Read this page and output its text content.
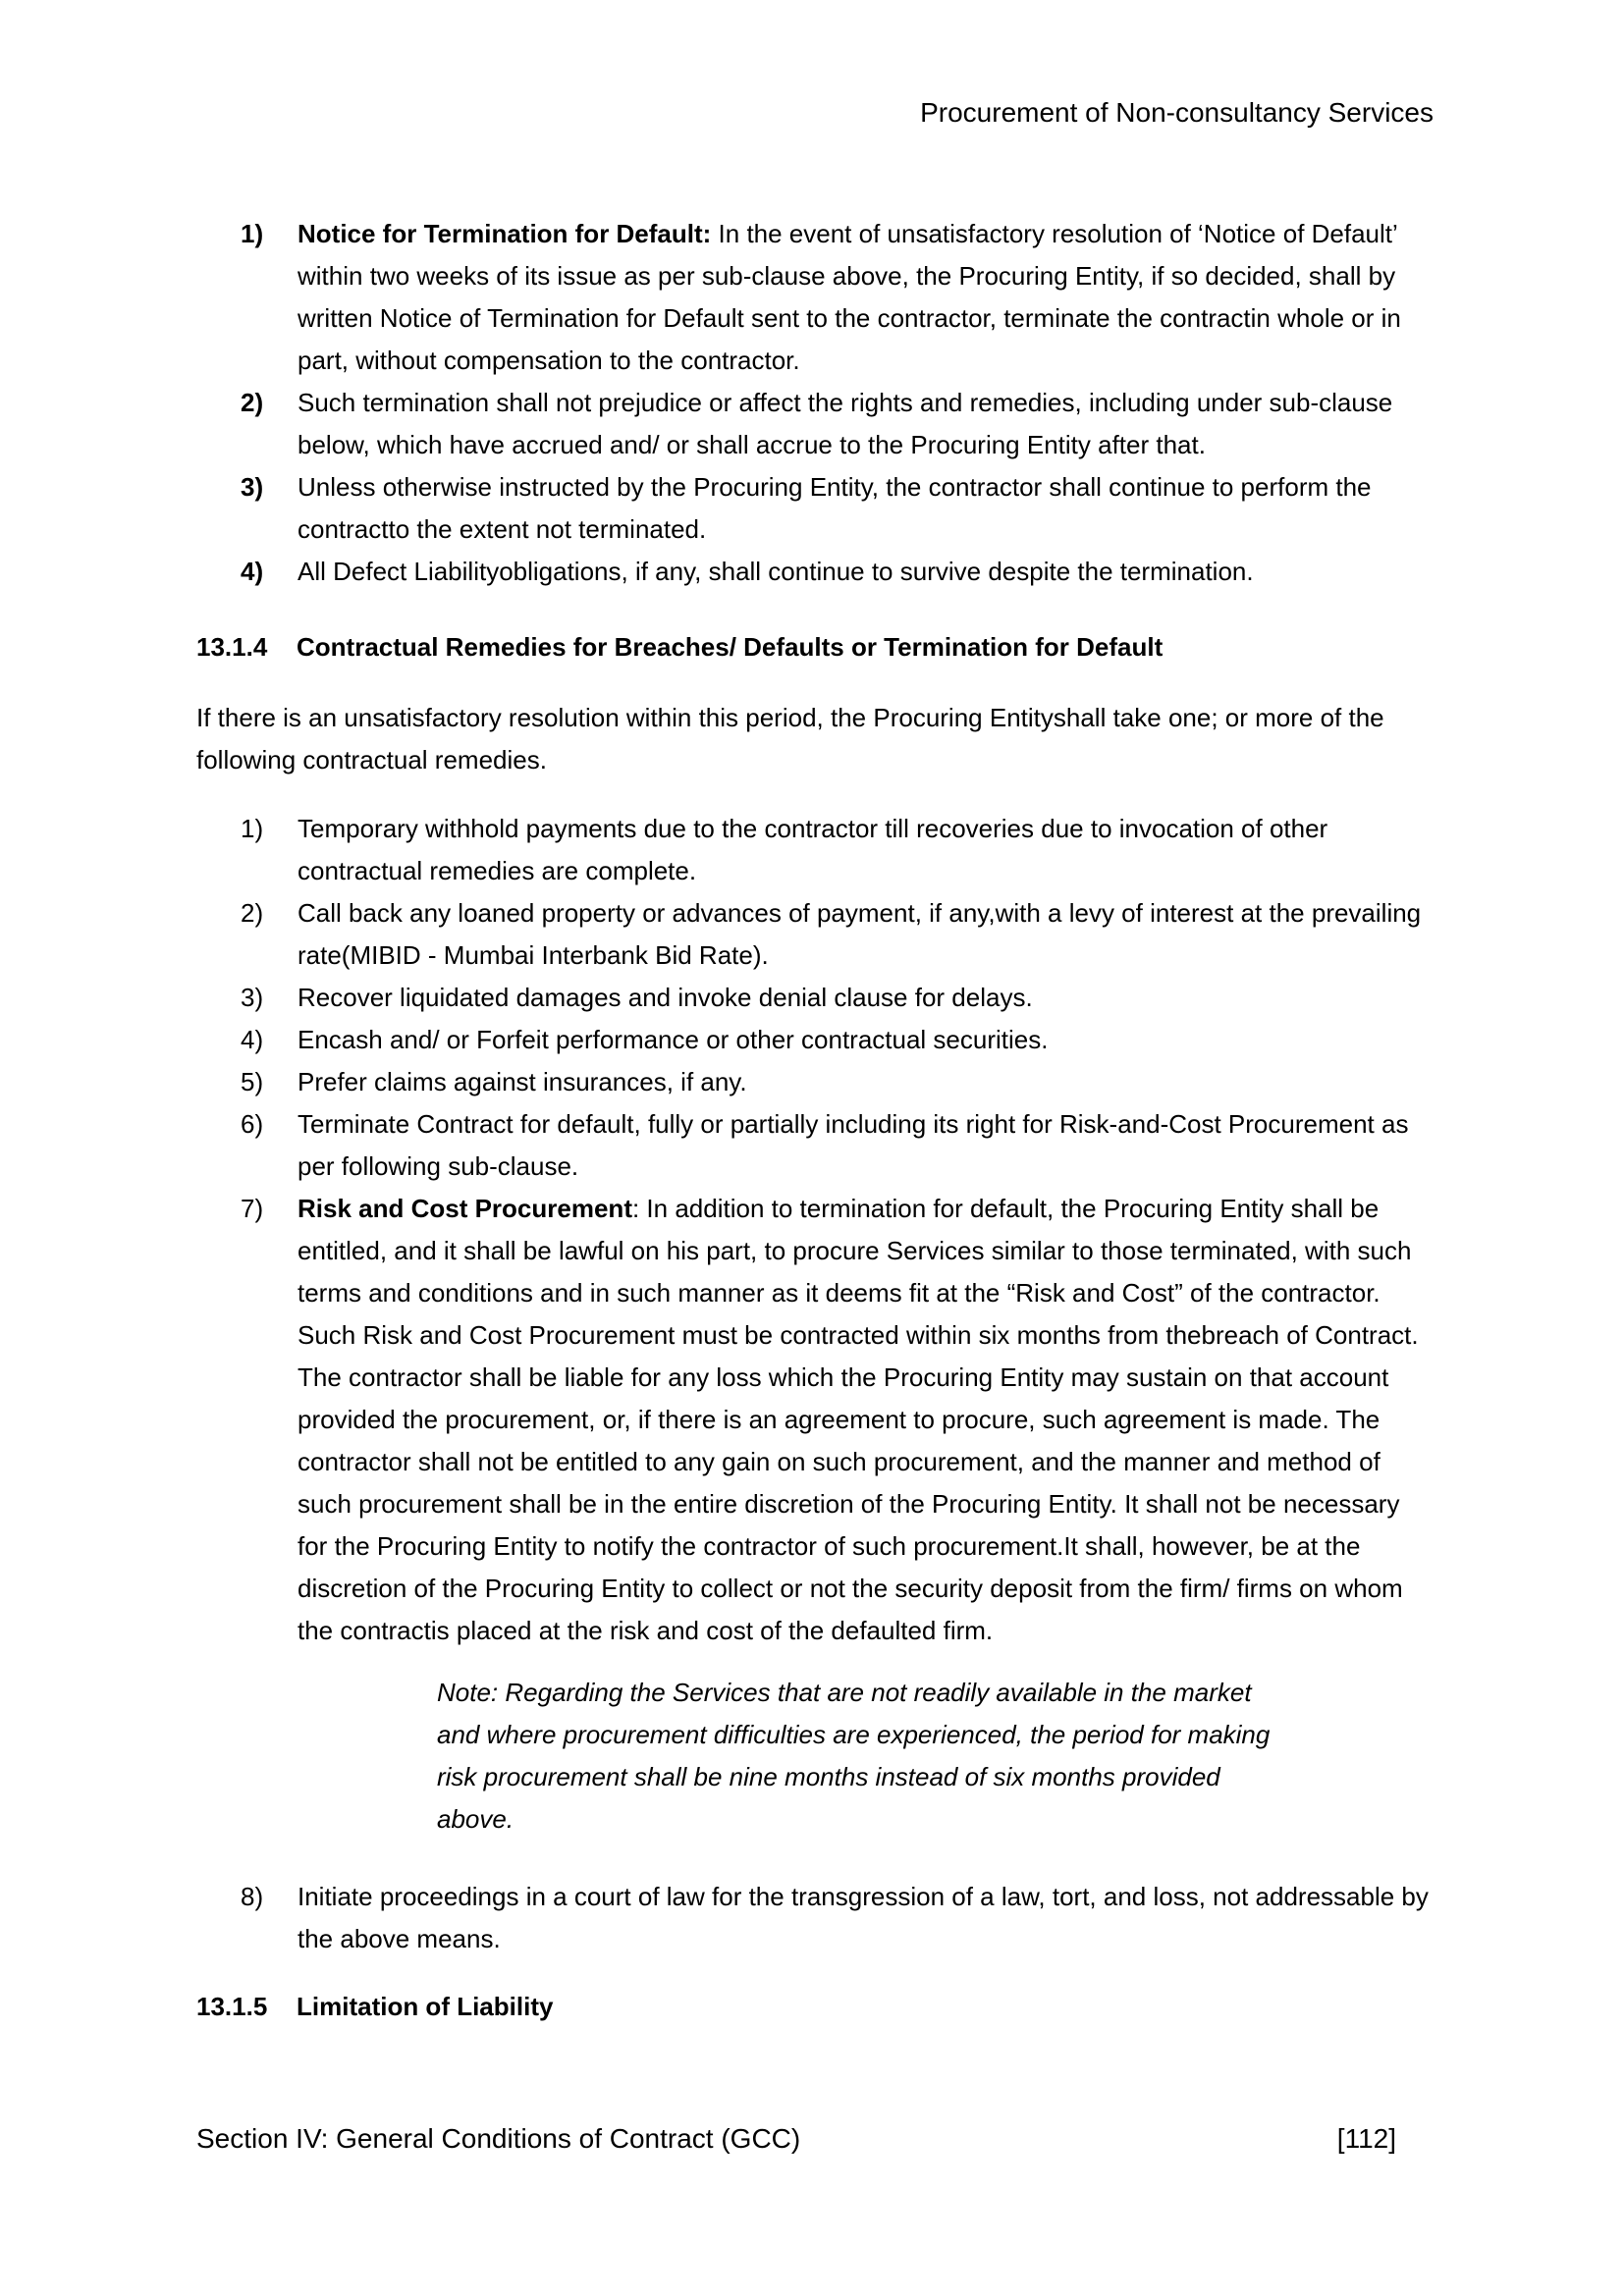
Procurement of Non-consultancy Services
1)	Notice for Termination for Default: In the event of unsatisfactory resolution of ‘Notice of Default’ within two weeks of its issue as per sub-clause above, the Procuring Entity, if so decided, shall by written Notice of Termination for Default sent to the contractor, terminate the contractin whole or in part, without compensation to the contractor.
2)	Such termination shall not prejudice or affect the rights and remedies, including under sub-clause below, which have accrued and/ or shall accrue to the Procuring Entity after that.
3)	Unless otherwise instructed by the Procuring Entity, the contractor shall continue to perform the contractto the extent not terminated.
4)	All Defect Liabilityobligations, if any, shall continue to survive despite the termination.
13.1.4	Contractual Remedies for Breaches/ Defaults or Termination for Default
If there is an unsatisfactory resolution within this period, the Procuring Entityshall take one; or more of the following contractual remedies.
1)	Temporary withhold payments due to the contractor till recoveries due to invocation of other contractual remedies are complete.
2)	Call back any loaned property or advances of payment, if any,with a levy of interest at the prevailing rate(MIBID - Mumbai Interbank Bid Rate).
3)	Recover liquidated damages and invoke denial clause for delays.
4)	Encash and/ or Forfeit performance or other contractual securities.
5)	Prefer claims against insurances, if any.
6)	Terminate Contract for default, fully or partially including its right for Risk-and-Cost Procurement as per following sub-clause.
7)	Risk and Cost Procurement: In addition to termination for default, the Procuring Entity shall be entitled, and it shall be lawful on his part, to procure Services similar to those terminated, with such terms and conditions and in such manner as it deems fit at the “Risk and Cost” of the contractor. Such Risk and Cost Procurement must be contracted within six months from thebreach of Contract. The contractor shall be liable for any loss which the Procuring Entity may sustain on that account provided the procurement, or, if there is an agreement to procure, such agreement is made. The contractor shall not be entitled to any gain on such procurement, and the manner and method of such procurement shall be in the entire discretion of the Procuring Entity. It shall not be necessary for the Procuring Entity to notify the contractor of such procurement.It shall, however, be at the discretion of the Procuring Entity to collect or not the security deposit from the firm/ firms on whom the contractis placed at the risk and cost of the defaulted firm.
Note: Regarding the Services that are not readily available in the market and where procurement difficulties are experienced, the period for making risk procurement shall be nine months instead of six months provided above.
8)	Initiate proceedings in a court of law for the transgression of a law, tort, and loss, not addressable by the above means.
13.1.5	Limitation of Liability
Section IV: General Conditions of Contract (GCC)	[112]
